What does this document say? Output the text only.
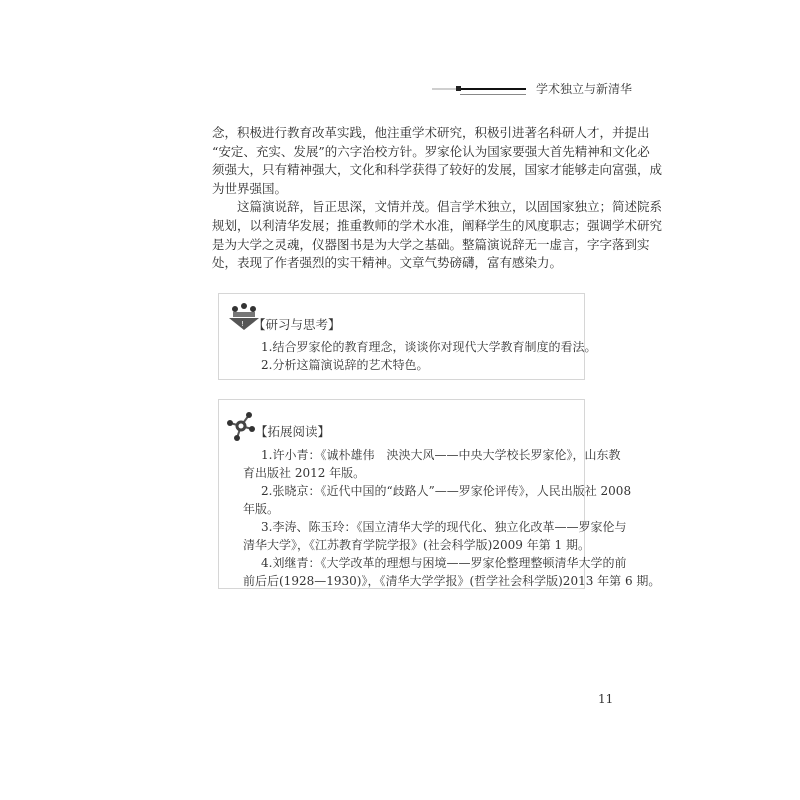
学术独立与新清华

念，积极进行教育改革实践，他注重学术研究，积极引进著名科研人才，并提出
“安定、充实、发展”的六字治校方针。罗家伦认为国家要强大首先精神和文化必
须强大，只有精神强大，文化和科学获得了较好的发展，国家才能够走向富强，成
为世界强国。

这篇演说辞，旨正思深，文情并茂。倡言学术独立，以固国家独立；简述院系
规划，以利清华发展；推重教师的学术水准，阐释学生的风度职志；强调学术研究
是为大学之灵魂，仪器图书是为大学之基础。整篇演说辞无一虚言，字字落到实
处，表现了作者强烈的实干精神。文章气势磅礴，富有感染力。

! 【研习与思考】
1.结合罗家伦的教育理念，谈谈你对现代大学教育制度的看法。
2.分析这篇演说辞的艺术特色。
【拓展阅读】
1.许小青：《诚朴雄伟　泱泱大风——中央大学校长罗家伦》，山东教
育出版社 2012 年版。
2.张晓京：《近代中国的“歧路人”——罗家伦评传》，人民出版社 2008
年版。
3.李涛、陈玉玲：《国立清华大学的现代化、独立化改革——罗家伦与
清华大学》，《江苏教育学院学报》(社会科学版)2009 年第 1 期。
4.刘继青：《大学改革的理想与困境——罗家伦整理整顿清华大学的前
前后后(1928—1930)》，《清华大学学报》(哲学社会科学版)2013 年第 6 期。
11
